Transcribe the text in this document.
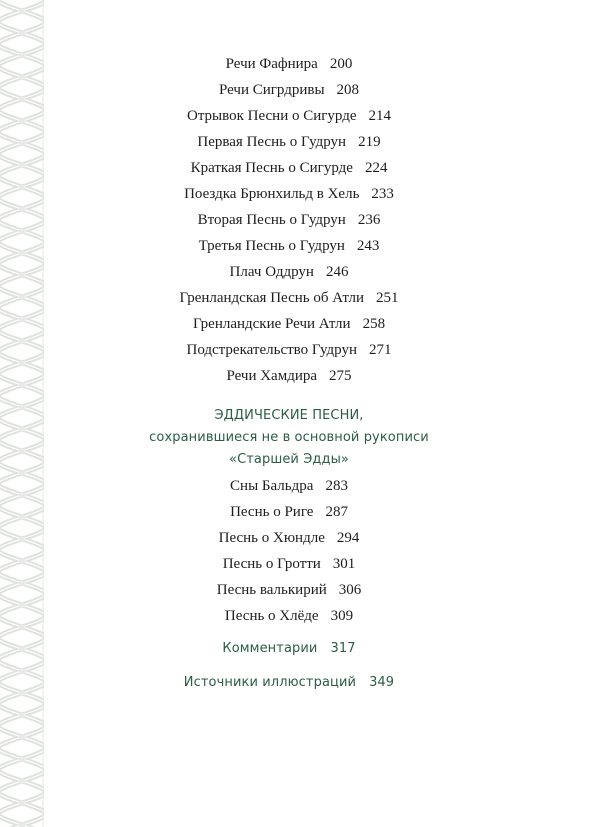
Речи Фафнира 200
Речи Сигрдривы 208
Отрывок Песни о Сигурде 214
Первая Песнь о Гудрун 219
Краткая Песнь о Сигурде 224
Поездка Брюнхильд в Хель 233
Вторая Песнь о Гудрун 236
Третья Песнь о Гудрун 243
Плач Оддрун 246
Гренландская Песнь об Атли 251
Гренландские Речи Атли 258
Подстрекательство Гудрун 271
Речи Хамдира 275
ЭДДИЧЕСКИЕ ПЕСНИ,
сохранившиеся не в основной рукописи
«Старшей Эдды»
Сны Бальдра 283
Песнь о Риге 287
Песнь о Хюндле 294
Песнь о Гротти 301
Песнь валькирий 306
Песнь о Хлёде 309
Комментарии 317
Источники иллюстраций 349
